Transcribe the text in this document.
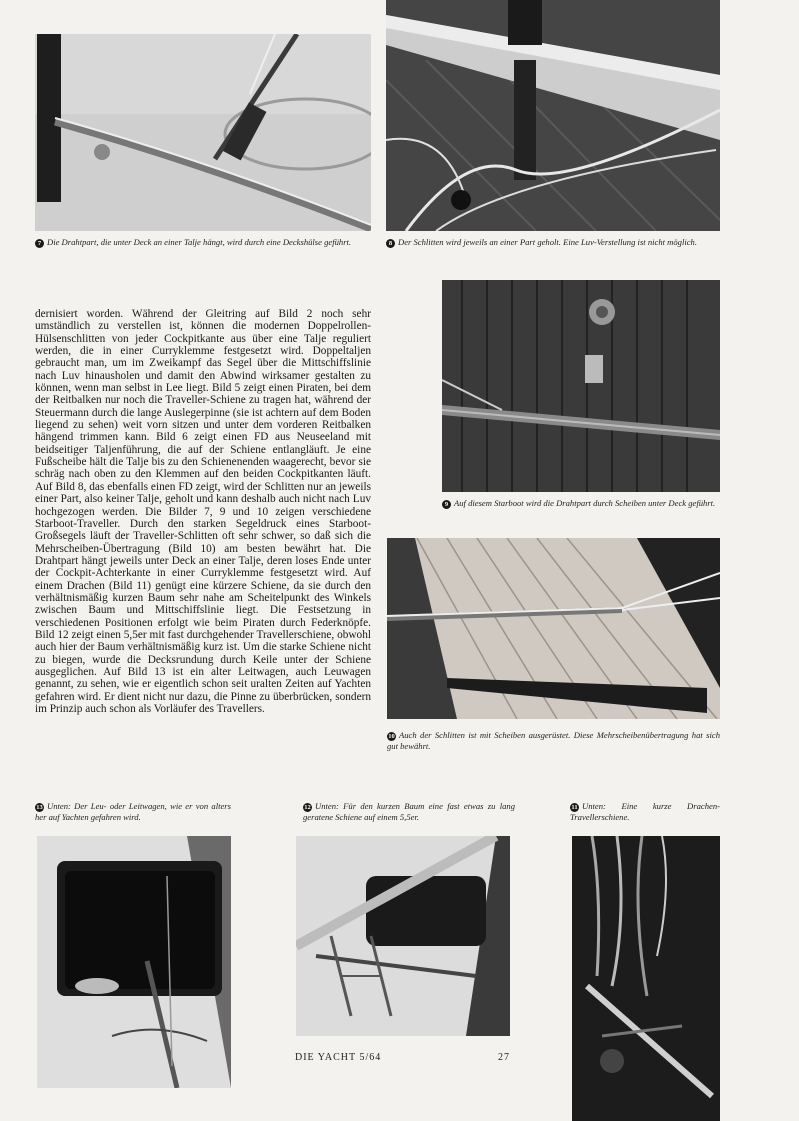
7 Die Drahtpart, die unter Deck an einer Talje hängt, wird durch eine Deckshülse geführt.	8 Der Schlitten wird jeweils an einer Part geholt. Eine Luv-Verstellung ist nicht möglich.

dernisiert worden. Während der Gleitring auf Bild 2 noch sehr umständlich zu verstellen ist, können die modernen Doppelrollen-Hülsenschlitten von jeder Cockpitkante aus über eine Talje reguliert werden, die in einer Curryklemme festgesetzt wird. Doppeltaljen gebraucht man, um im Zweikampf das Segel über die Mittschiffslinie nach Luv hinausholen und damit den Abwind wirksamer gestalten zu können, wenn man selbst in Lee liegt. Bild 5 zeigt einen Piraten, bei dem der Reitbalken nur noch die Traveller-Schiene zu tragen hat, während der Steuermann durch die lange Auslegerpinne (sie ist achtern auf dem Boden liegend zu sehen) weit vorn sitzen und unter dem vorderen Reitbalken hängend trimmen kann. Bild 6 zeigt einen FD aus Neuseeland mit beidseitiger Taljenführung, die auf der Schiene entlangläuft. Je eine Fußscheibe hält die Talje bis zu den Schienenenden waagerecht, bevor sie schräg nach oben zu den Klemmen auf den beiden Cockpitkanten läuft. Auf Bild 8, das ebenfalls einen FD zeigt, wird der Schlitten nur an jeweils einer Part, also keiner Talje, geholt und kann deshalb auch nicht nach Luv hochgezogen werden. Die Bilder 7, 9 und 10 zeigen verschiedene Starboot-Traveller. Durch den starken Segeldruck eines Starboot-Großsegels läuft der Traveller-Schlitten oft sehr schwer, so daß sich die Mehrscheiben-Übertragung (Bild 10) am besten bewährt hat. Die Drahtpart hängt jeweils unter Deck an einer Talje, deren loses Ende unter der Cockpit-Achterkante in einer Curryklemme festgesetzt wird. Auf einem Drachen (Bild 11) genügt eine kürzere Schiene, da sie durch den verhältnismäßig kurzen Baum sehr nahe am Scheitelpunkt des Winkels zwischen Baum und Mittschiffslinie liegt. Die Festsetzung in verschiedenen Positionen erfolgt wie beim Piraten durch Federknöpfe. Bild 12 zeigt einen 5,5er mit fast durchgehender Travellerschiene, obwohl auch hier der Baum verhältnismäßig kurz ist. Um die starke Schiene nicht zu biegen, wurde die Decksrundung durch Keile unter der Schiene ausgeglichen. Auf Bild 13 ist ein alter Leitwagen, auch Leuwagen genannt, zu sehen, wie er eigentlich schon seit uralten Zeiten auf Yachten gefahren wird. Er dient nicht nur dazu, die Pinne zu überbrücken, sondern im Prinzip auch schon als Vorläufer des Travellers.

9 Auf diesem Starboot wird die Drahtpart durch Scheiben unter Deck geführt.
10 Auch der Schlitten ist mit Scheiben ausgerüstet. Diese Mehrscheibenübertragung hat sich gut bewährt.
13 Unten: Der Leu- oder Leitwagen, wie er von alters her auf Yachten gefahren wird.
12 Unten: Für den kurzen Baum eine fast etwas zu lang geratene Schiene auf einem 5,5er.
11 Unten: Eine kurze Drachen-Travellerschiene.
DIE YACHT 5/64	27
